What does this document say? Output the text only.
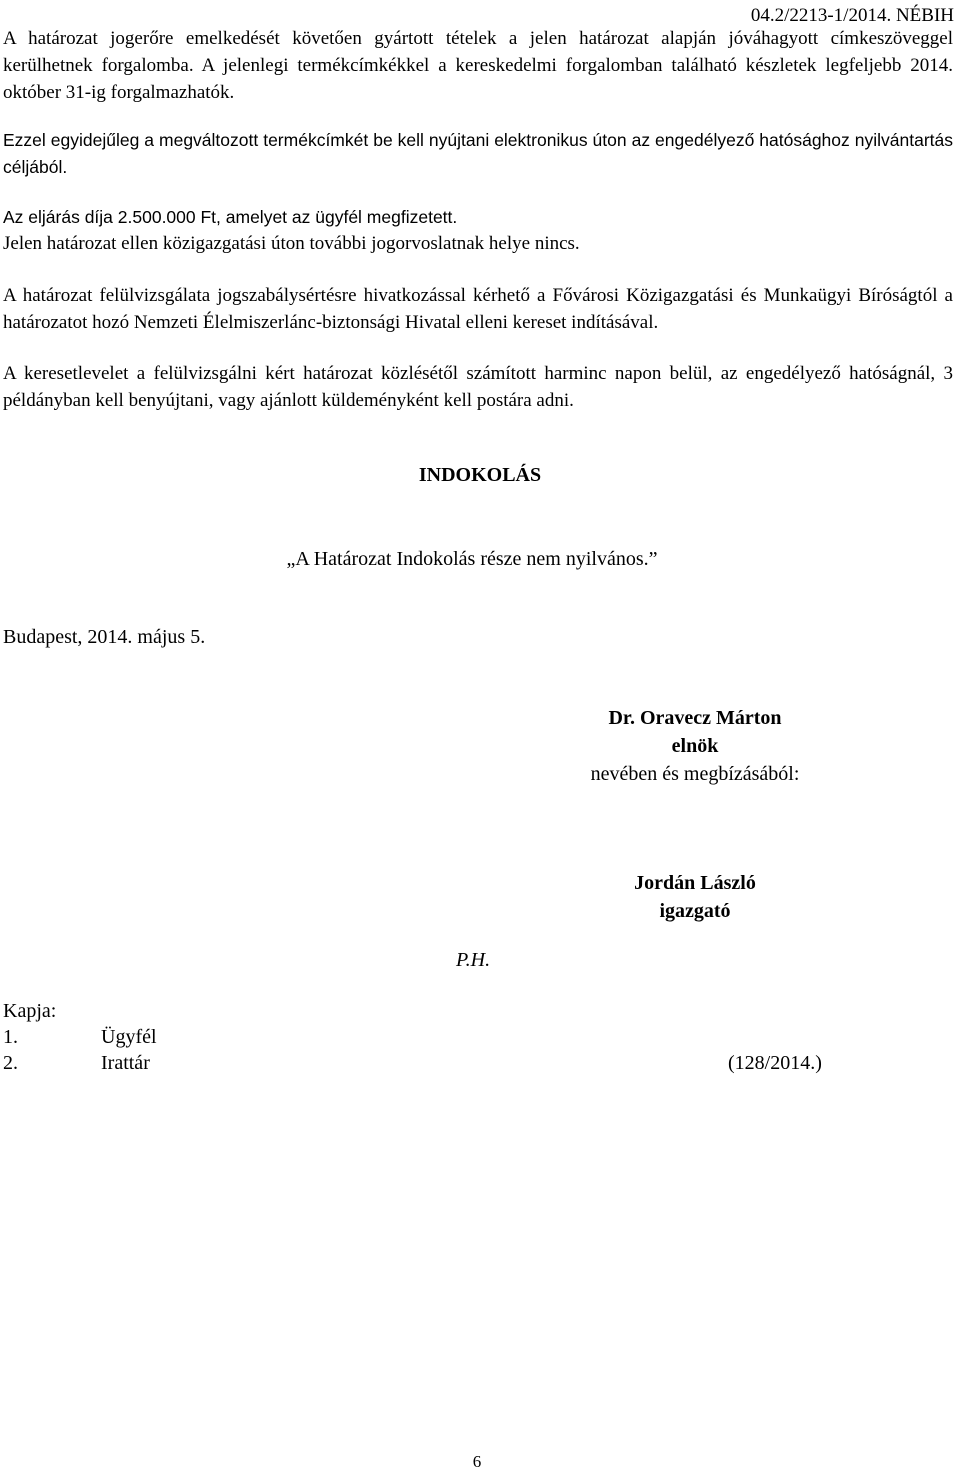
04.2/2213-1/2014. NÉBIH

A határozat jogerőre emelkedését követően gyártott tételek a jelen határozat alapján jóváhagyott címkeszöveggel kerülhetnek forgalomba. A jelenlegi termékcímkékkel a kereskedelmi forgalomban található készletek legfeljebb 2014. október 31-ig forgalmazhatók.

Ezzel egyidejűleg a megváltozott termékcímkét be kell nyújtani elektronikus úton az engedélyező hatósághoz nyilvántartás céljából.

Az eljárás díja 2.500.000 Ft, amelyet az ügyfél megfizetett.

Jelen határozat ellen közigazgatási úton további jogorvoslatnak helye nincs.

A határozat felülvizsgálata jogszabálysértésre hivatkozással kérhető a Fővárosi Közigazgatási és Munkaügyi Bíróságtól a határozatot hozó Nemzeti Élelmiszerlánc-biztonsági Hivatal elleni kereset indításával.

A keresetlevelet a felülvizsgálni kért határozat közlésétől számított harminc napon belül, az engedélyező hatóságnál, 3 példányban kell benyújtani, vagy ajánlott küldeményként kell postára adni.

INDOKOLÁS
„A Határozat Indokolás része nem nyilvános.”
Budapest, 2014. május 5.
Dr. Oravecz Márton
elnök
nevében és megbízásából:
Jordán László
igazgató
P.H.
Kapja:
1.	Ügyfél
2.	Irattár	(128/2014.)
6
